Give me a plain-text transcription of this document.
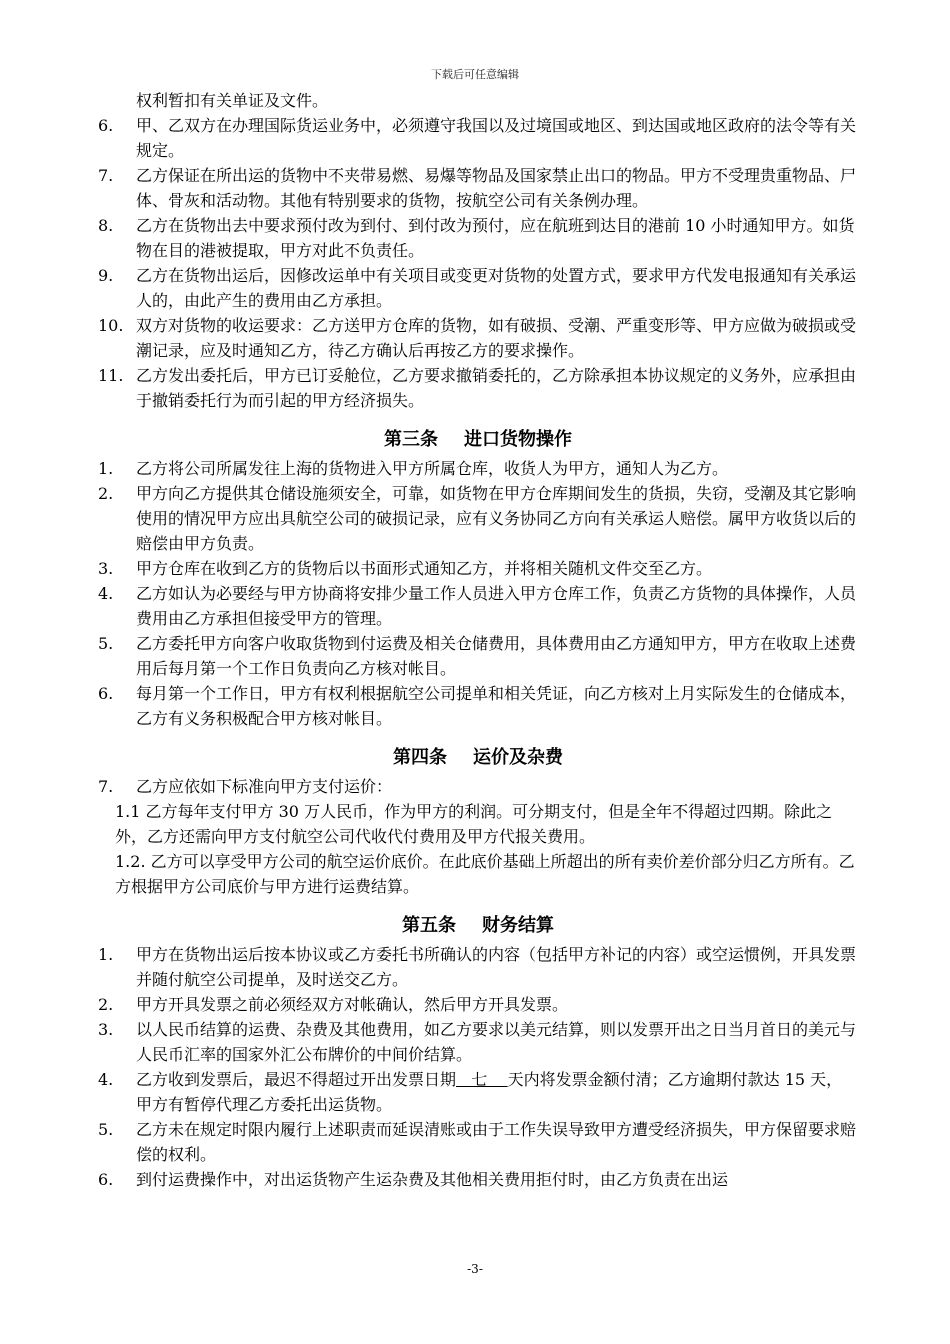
下载后可任意编辑
权利暂扣有关单证及文件。
6. 甲、乙双方在办理国际货运业务中，必须遵守我国以及过境国或地区、到达国或地区政府的法令等有关规定。
7. 乙方保证在所出运的货物中不夹带易燃、易爆等物品及国家禁止出口的物品。甲方不受理贵重物品、尸体、骨灰和活动物。其他有特别要求的货物，按航空公司有关条例办理。
8. 乙方在货物出去中要求预付改为到付、到付改为预付，应在航班到达目的港前 10 小时通知甲方。如货物在目的港被提取，甲方对此不负责任。
9. 乙方在货物出运后，因修改运单中有关项目或变更对货物的处置方式，要求甲方代发电报通知有关承运人的，由此产生的费用由乙方承担。
10. 双方对货物的收运要求：乙方送甲方仓库的货物，如有破损、受潮、严重变形等、甲方应做为破损或受潮记录，应及时通知乙方，待乙方确认后再按乙方的要求操作。
11. 乙方发出委托后，甲方已订妥舱位，乙方要求撤销委托的，乙方除承担本协议规定的义务外，应承担由于撤销委托行为而引起的甲方经济损失。
第三条 进口货物操作
1. 乙方将公司所属发往上海的货物进入甲方所属仓库，收货人为甲方，通知人为乙方。
2. 甲方向乙方提供其仓储设施须安全，可靠，如货物在甲方仓库期间发生的货损，失窃，受潮及其它影响使用的情况甲方应出具航空公司的破损记录，应有义务协同乙方向有关承运人赔偿。属甲方收货以后的赔偿由甲方负责。
3. 甲方仓库在收到乙方的货物后以书面形式通知乙方，并将相关随机文件交至乙方。
4. 乙方如认为必要经与甲方协商将安排少量工作人员进入甲方仓库工作，负责乙方货物的具体操作，人员费用由乙方承担但接受甲方的管理。
5. 乙方委托甲方向客户收取货物到付运费及相关仓储费用，具体费用由乙方通知甲方，甲方在收取上述费用后每月第一个工作日负责向乙方核对帐目。
6. 每月第一个工作日，甲方有权利根据航空公司提单和相关凭证，向乙方核对上月实际发生的仓储成本，乙方有义务积极配合甲方核对帐目。
第四条 运价及杂费
7. 乙方应依如下标准向甲方支付运价：
1.1 乙方每年支付甲方 30 万人民币，作为甲方的利润。可分期支付，但是全年不得超过四期。除此之外，乙方还需向甲方支付航空公司代收代付费用及甲方代报关费用。
1.2. 乙方可以享受甲方公司的航空运价底价。在此底价基础上所超出的所有卖价差价部分归乙方所有。乙方根据甲方公司底价与甲方进行运费结算。
第五条 财务结算
1. 甲方在货物出运后按本协议或乙方委托书所确认的内容（包括甲方补记的内容）或空运惯例，开具发票并随付航空公司提单，及时送交乙方。
2. 甲方开具发票之前必须经双方对帐确认，然后甲方开具发票。
3. 以人民币结算的运费、杂费及其他费用，如乙方要求以美元结算，则以发票开出之日当月首日的美元与人民币汇率的国家外汇公布牌价的中间价结算。
4. 乙方收到发票后，最迟不得超过开出发票日期   七    天内将发票金额付清；乙方逾期付款达 15 天，甲方有暂停代理乙方委托出运货物。
5. 乙方未在规定时限内履行上述职责而延误清账或由于工作失误导致甲方遭受经济损失，甲方保留要求赔偿的权利。
6. 到付运费操作中，对出运货物产生运杂费及其他相关费用拒付时，由乙方负责在出运
-3-
